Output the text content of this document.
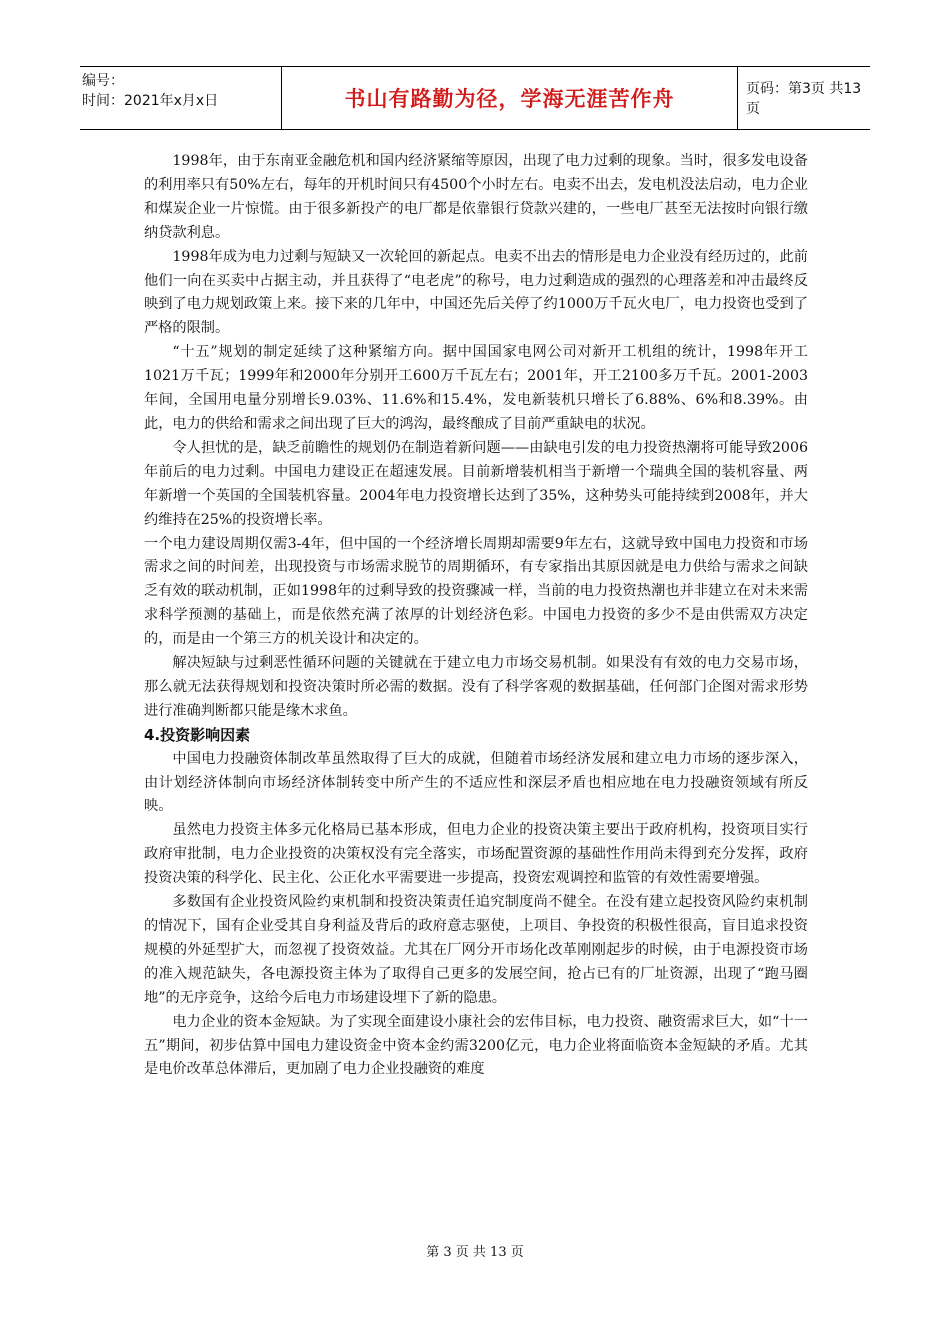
编号：
时间：2021年x月x日	书山有路勤为径，学海无涯苦作舟	页码：第3页 共13页

1998年，由于东南亚金融危机和国内经济紧缩等原因，出现了电力过剩的现象。当时，很多发电设备的利用率只有50%左右，每年的开机时间只有4500个小时左右。电卖不出去，发电机没法启动，电力企业和煤炭企业一片惊慌。由于很多新投产的电厂都是依靠银行贷款兴建的，一些电厂甚至无法按时向银行缴纳贷款利息。

1998年成为电力过剩与短缺又一次轮回的新起点。电卖不出去的情形是电力企业没有经历过的，此前他们一向在买卖中占据主动，并且获得了“电老虎”的称号，电力过剩造成的强烈的心理落差和冲击最终反映到了电力规划政策上来。接下来的几年中，中国还先后关停了约1000万千瓦火电厂，电力投资也受到了严格的限制。

“十五”规划的制定延续了这种紧缩方向。据中国国家电网公司对新开工机组的统计，1998年开工1021万千瓦；1999年和2000年分别开工600万千瓦左右；2001年，开工2100多万千瓦。2001-2003年间，全国用电量分别增长9.03%、11.6%和15.4%，发电新装机只增长了6.88%、6%和8.39%。由此，电力的供给和需求之间出现了巨大的鸿沟，最终酿成了目前严重缺电的状况。

令人担忧的是，缺乏前瞻性的规划仍在制造着新问题——由缺电引发的电力投资热潮将可能导致2006年前后的电力过剩。中国电力建设正在超速发展。目前新增装机相当于新增一个瑞典全国的装机容量、两年新增一个英国的全国装机容量。2004年电力投资增长达到了35%，这种势头可能持续到2008年，并大约维持在25%的投资增长率。

一个电力建设周期仅需3-4年，但中国的一个经济增长周期却需要9年左右，这就导致中国电力投资和市场需求之间的时间差，出现投资与市场需求脱节的周期循环，有专家指出其原因就是电力供给与需求之间缺乏有效的联动机制，正如1998年的过剩导致的投资骤减一样，当前的电力投资热潮也并非建立在对未来需求科学预测的基础上，而是依然充满了浓厚的计划经济色彩。中国电力投资的多少不是由供需双方决定的，而是由一个第三方的机关设计和决定的。

解决短缺与过剩恶性循环问题的关键就在于建立电力市场交易机制。如果没有有效的电力交易市场，那么就无法获得规划和投资决策时所必需的数据。没有了科学客观的数据基础，任何部门企图对需求形势进行准确判断都只能是缘木求鱼。

4.投资影响因素

中国电力投融资体制改革虽然取得了巨大的成就，但随着市场经济发展和建立电力市场的逐步深入，由计划经济体制向市场经济体制转变中所产生的不适应性和深层矛盾也相应地在电力投融资领域有所反映。

虽然电力投资主体多元化格局已基本形成，但电力企业的投资决策主要出于政府机构，投资项目实行政府审批制，电力企业投资的决策权没有完全落实，市场配置资源的基础性作用尚未得到充分发挥，政府投资决策的科学化、民主化、公正化水平需要进一步提高，投资宏观调控和监管的有效性需要增强。

多数国有企业投资风险约束机制和投资决策责任追究制度尚不健全。在没有建立起投资风险约束机制的情况下，国有企业受其自身利益及背后的政府意志驱使，上项目、争投资的积极性很高，盲目追求投资规模的外延型扩大，而忽视了投资效益。尤其在厂网分开市场化改革刚刚起步的时候，由于电源投资市场的准入规范缺失，各电源投资主体为了取得自己更多的发展空间，抢占已有的厂址资源，出现了“跑马圈地”的无序竞争，这给今后电力市场建设埋下了新的隐患。

电力企业的资本金短缺。为了实现全面建设小康社会的宏伟目标，电力投资、融资需求巨大，如“十一五”期间，初步估算中国电力建设资金中资本金约需3200亿元，电力企业将面临资本金短缺的矛盾。尤其是电价改革总体滞后，更加剧了电力企业投融资的难度

第 3 页 共 13 页
